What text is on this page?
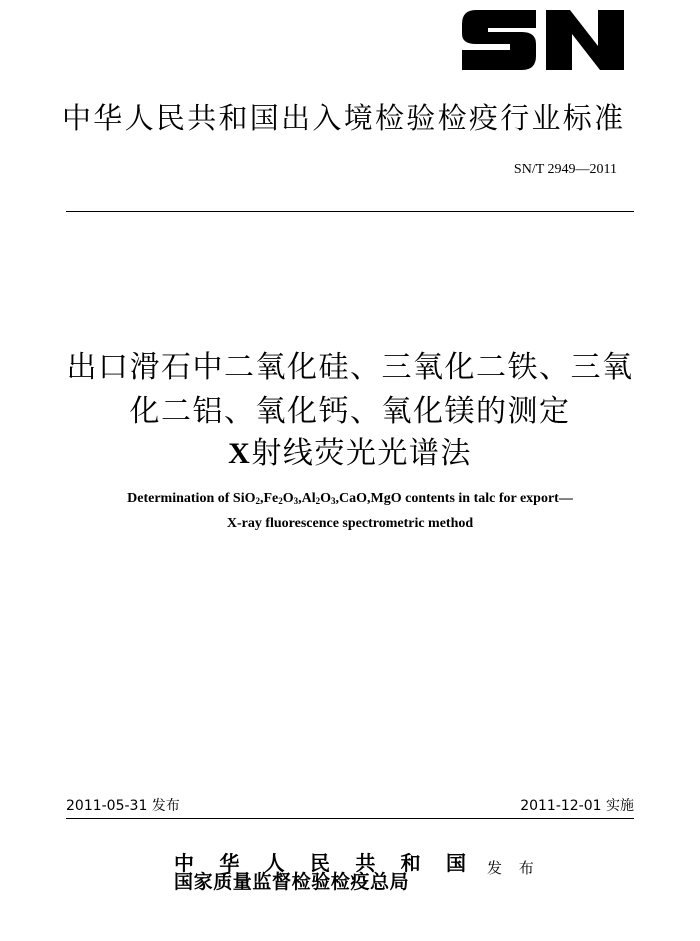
中华人民共和国出入境检验检疫行业标准
SN/T 2949—2011
出口滑石中二氧化硅、三氧化二铁、三氧
化二铝、氧化钙、氧化镁的测定
X射线荧光光谱法
Determination of $SiO_2,Fe_2O_3,Al_2O_3,CaO,MgO$ contents in talc for export—
X-ray fluorescence spectrometric method
2011-05-31 发布	2011-12-01 实施
中 华 人 民 共 和 国
国家质量监督检验检疫总局
发 布
